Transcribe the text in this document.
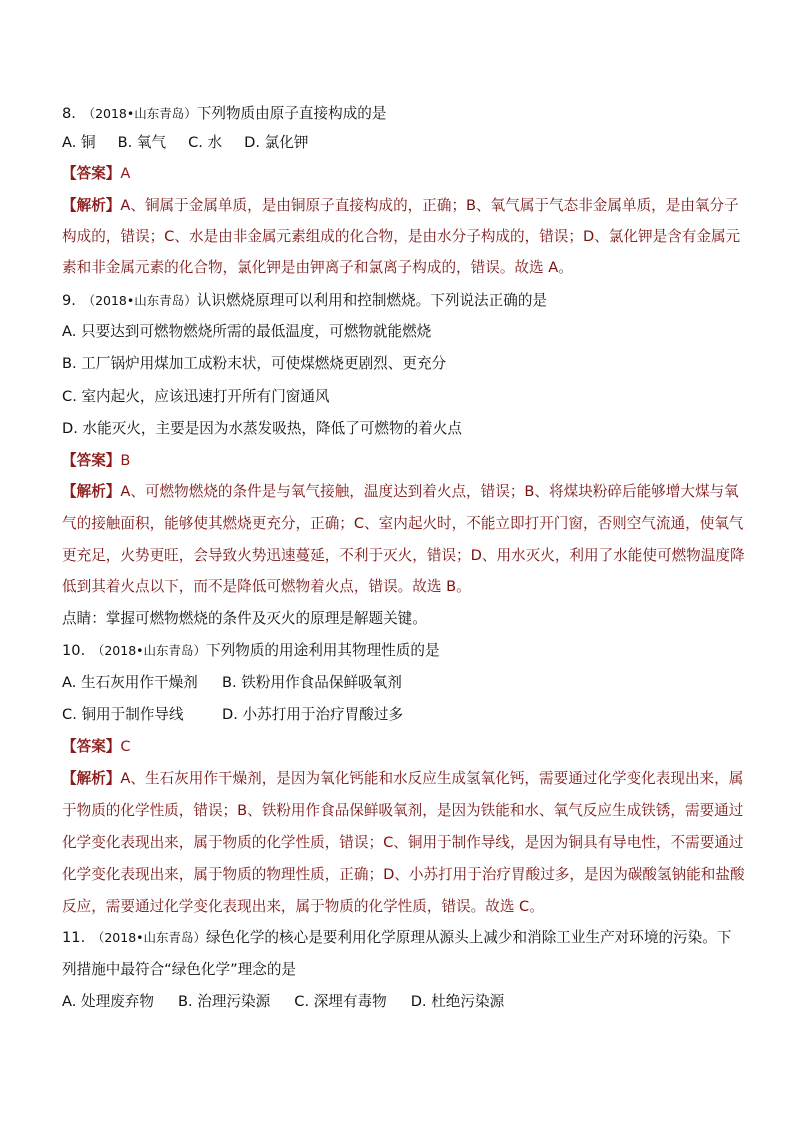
8. （2018•山东青岛）下列物质由原子直接构成的是
A. 铜 B. 氧气 C. 水 D. 氯化钾
【答案】A
【解析】A、铜属于金属单质，是由铜原子直接构成的，正确；B、氧气属于气态非金属单质，是由氧分子
构成的，错误；C、水是由非金属元素组成的化合物，是由水分子构成的，错误；D、氯化钾是含有金属元
素和非金属元素的化合物，氯化钾是由钾离子和氯离子构成的，错误。故选 A。
9. （2018•山东青岛）认识燃烧原理可以利用和控制燃烧。下列说法正确的是
A. 只要达到可燃物燃烧所需的最低温度，可燃物就能燃烧
B. 工厂锅炉用煤加工成粉末状，可使煤燃烧更剧烈、更充分
C. 室内起火，应该迅速打开所有门窗通风
D. 水能灭火，主要是因为水蒸发吸热，降低了可燃物的着火点
【答案】B
【解析】A、可燃物燃烧的条件是与氧气接触，温度达到着火点，错误；B、将煤块粉碎后能够增大煤与氧
气的接触面积，能够使其燃烧更充分，正确；C、室内起火时，不能立即打开门窗，否则空气流通，使氧气
更充足，火势更旺，会导致火势迅速蔓延，不利于灭火，错误；D、用水灭火，利用了水能使可燃物温度降
低到其着火点以下，而不是降低可燃物着火点，错误。故选 B。
点睛：掌握可燃物燃烧的条件及灭火的原理是解题关键。
10. （2018•山东青岛）下列物质的用途利用其物理性质的是
A. 生石灰用作干燥剂 B. 铁粉用作食品保鲜吸氧剂
C. 铜用于制作导线	D. 小苏打用于治疗胃酸过多
【答案】C
【解析】A、生石灰用作干燥剂，是因为氧化钙能和水反应生成氢氧化钙，需要通过化学变化表现出来，属
于物质的化学性质，错误；B、铁粉用作食品保鲜吸氧剂，是因为铁能和水、氧气反应生成铁锈，需要通过
化学变化表现出来，属于物质的化学性质，错误；C、铜用于制作导线，是因为铜具有导电性，不需要通过
化学变化表现出来，属于物质的物理性质，正确；D、小苏打用于治疗胃酸过多，是因为碳酸氢钠能和盐酸
反应，需要通过化学变化表现出来，属于物质的化学性质，错误。故选 C。
11. （2018•山东青岛）绿色化学的核心是要利用化学原理从源头上减少和消除工业生产对环境的污染。下
列措施中最符合“绿色化学”理念的是
A. 处理废弃物 B. 治理污染源 C. 深埋有毒物 D. 杜绝污染源
